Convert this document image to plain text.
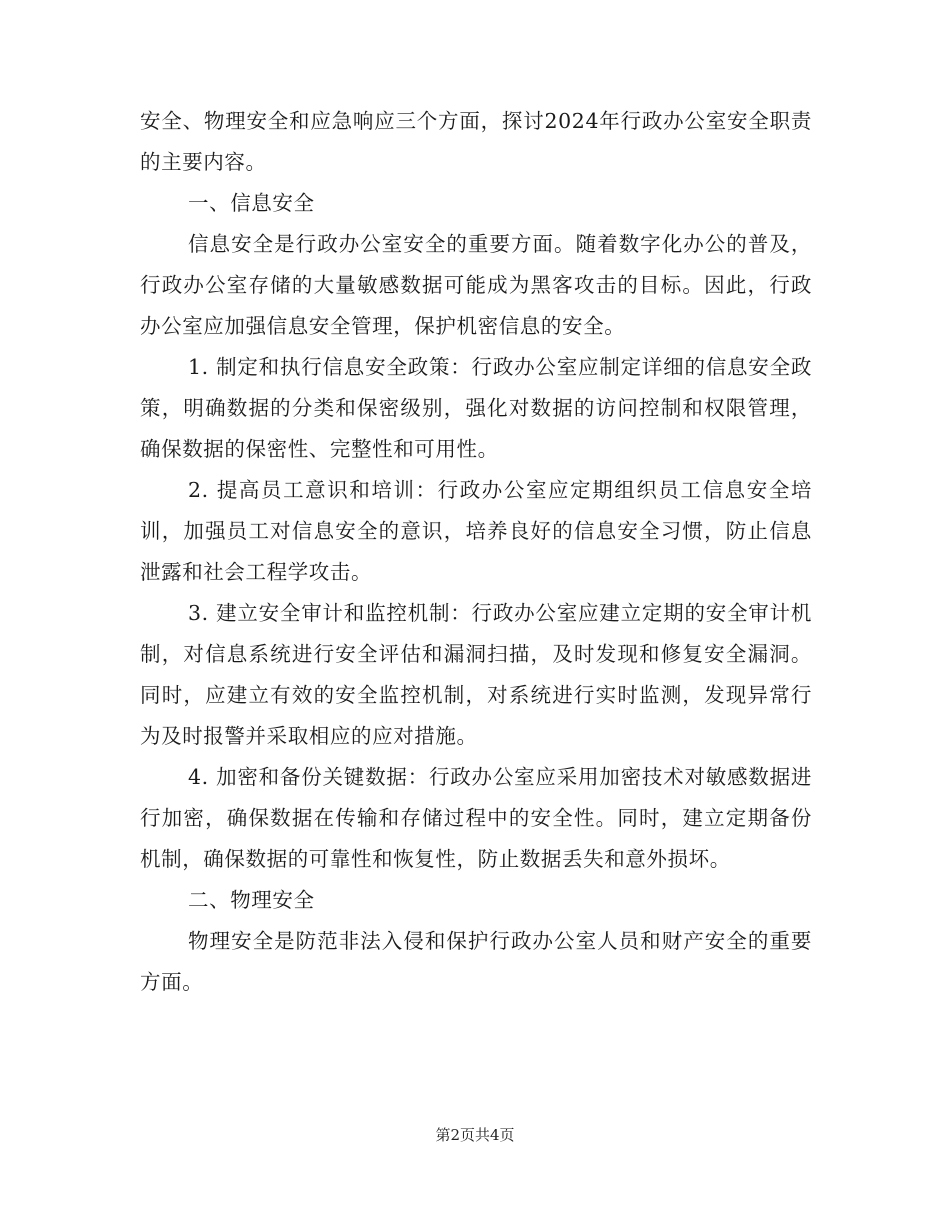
安全、物理安全和应急响应三个方面，探讨2024年行政办公室安全职责的主要内容。

一、信息安全

信息安全是行政办公室安全的重要方面。随着数字化办公的普及，行政办公室存储的大量敏感数据可能成为黑客攻击的目标。因此，行政办公室应加强信息安全管理，保护机密信息的安全。

1. 制定和执行信息安全政策：行政办公室应制定详细的信息安全政策，明确数据的分类和保密级别，强化对数据的访问控制和权限管理，确保数据的保密性、完整性和可用性。

2. 提高员工意识和培训：行政办公室应定期组织员工信息安全培训，加强员工对信息安全的意识，培养良好的信息安全习惯，防止信息泄露和社会工程学攻击。

3. 建立安全审计和监控机制：行政办公室应建立定期的安全审计机制，对信息系统进行安全评估和漏洞扫描，及时发现和修复安全漏洞。同时，应建立有效的安全监控机制，对系统进行实时监测，发现异常行为及时报警并采取相应的应对措施。

4. 加密和备份关键数据：行政办公室应采用加密技术对敏感数据进行加密，确保数据在传输和存储过程中的安全性。同时，建立定期备份机制，确保数据的可靠性和恢复性，防止数据丢失和意外损坏。

二、物理安全

物理安全是防范非法入侵和保护行政办公室人员和财产安全的重要方面。

第2页共4页
